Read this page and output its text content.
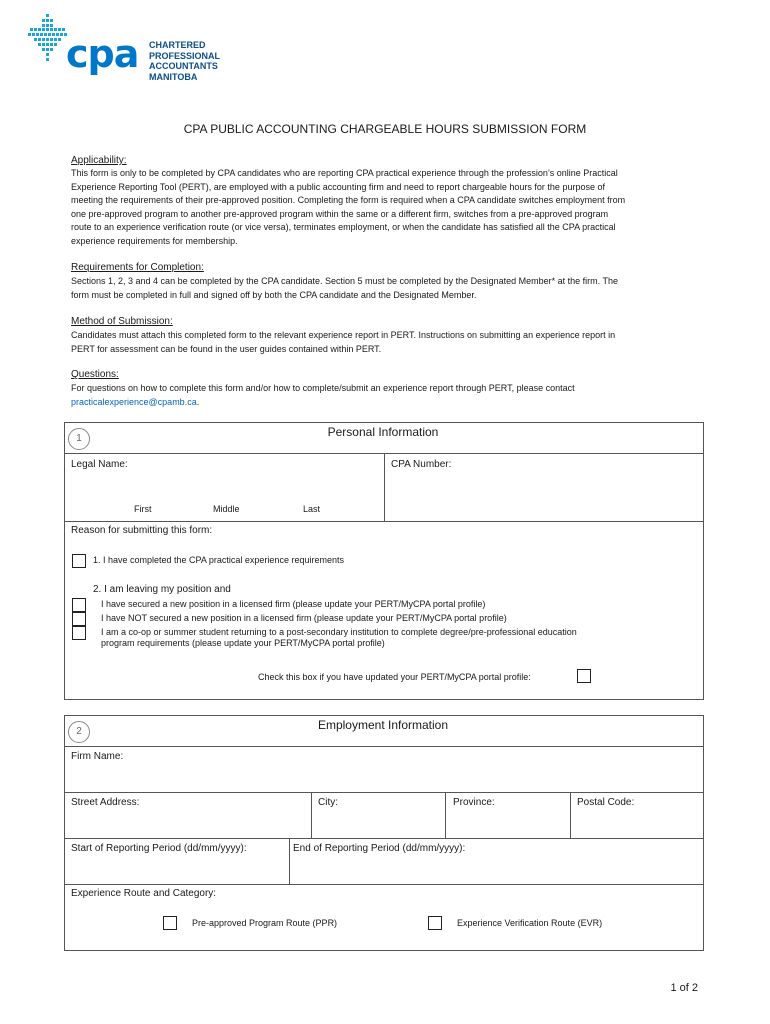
cpa CHARTERED
PROFESSIONAL
ACCOUNTANTS
MANITOBA
CPA PUBLIC ACCOUNTING CHARGEABLE HOURS SUBMISSION FORM
Applicability:
This form is only to be completed by CPA candidates who are reporting CPA practical experience through the profession’s online Practical
Experience Reporting Tool (PERT), are employed with a public accounting firm and need to report chargeable hours for the purpose of
meeting the requirements of their pre-approved position. Completing the form is required when a CPA candidate switches employment from
one pre-approved program to another pre-approved program within the same or a different firm, switches from a pre-approved program
route to an experience verification route (or vice versa), terminates employment, or when the candidate has satisfied all the CPA practical
experience requirements for membership.
Requirements for Completion:
Sections 1, 2, 3 and 4 can be completed by the CPA candidate. Section 5 must be completed by the Designated Member* at the firm. The
form must be completed in full and signed off by both the CPA candidate and the Designated Member.
Method of Submission:
Candidates must attach this completed form to the relevant experience report in PERT. Instructions on submitting an experience report in
PERT for assessment can be found in the user guides contained within PERT.
Questions:
For questions on how to complete this form and/or how to complete/submit an experience report through PERT, please contact
practicalexperience@cpamb.ca.
1	Personal Information
Legal Name:
First	Middle	Last
CPA Number:
Reason for submitting this form:
1. I have completed the CPA practical experience requirements
2. I am leaving my position and
I have secured a new position in a licensed firm (please update your PERT/MyCPA portal profile)
I have NOT secured a new position in a licensed firm (please update your PERT/MyCPA portal profile)
I am a co-op or summer student returning to a post-secondary institution to complete degree/pre-professional education
program requirements (please update your PERT/MyCPA portal profile)
Check this box if you have updated your PERT/MyCPA portal profile:
2	Employment Information
Firm Name:
Street Address:	City:	Province:	Postal Code:
Start of Reporting Period (dd/mm/yyyy):	End of Reporting Period (dd/mm/yyyy):
Experience Route and Category:
Pre-approved Program Route (PPR)	Experience Verification Route (EVR)
1 of 2
